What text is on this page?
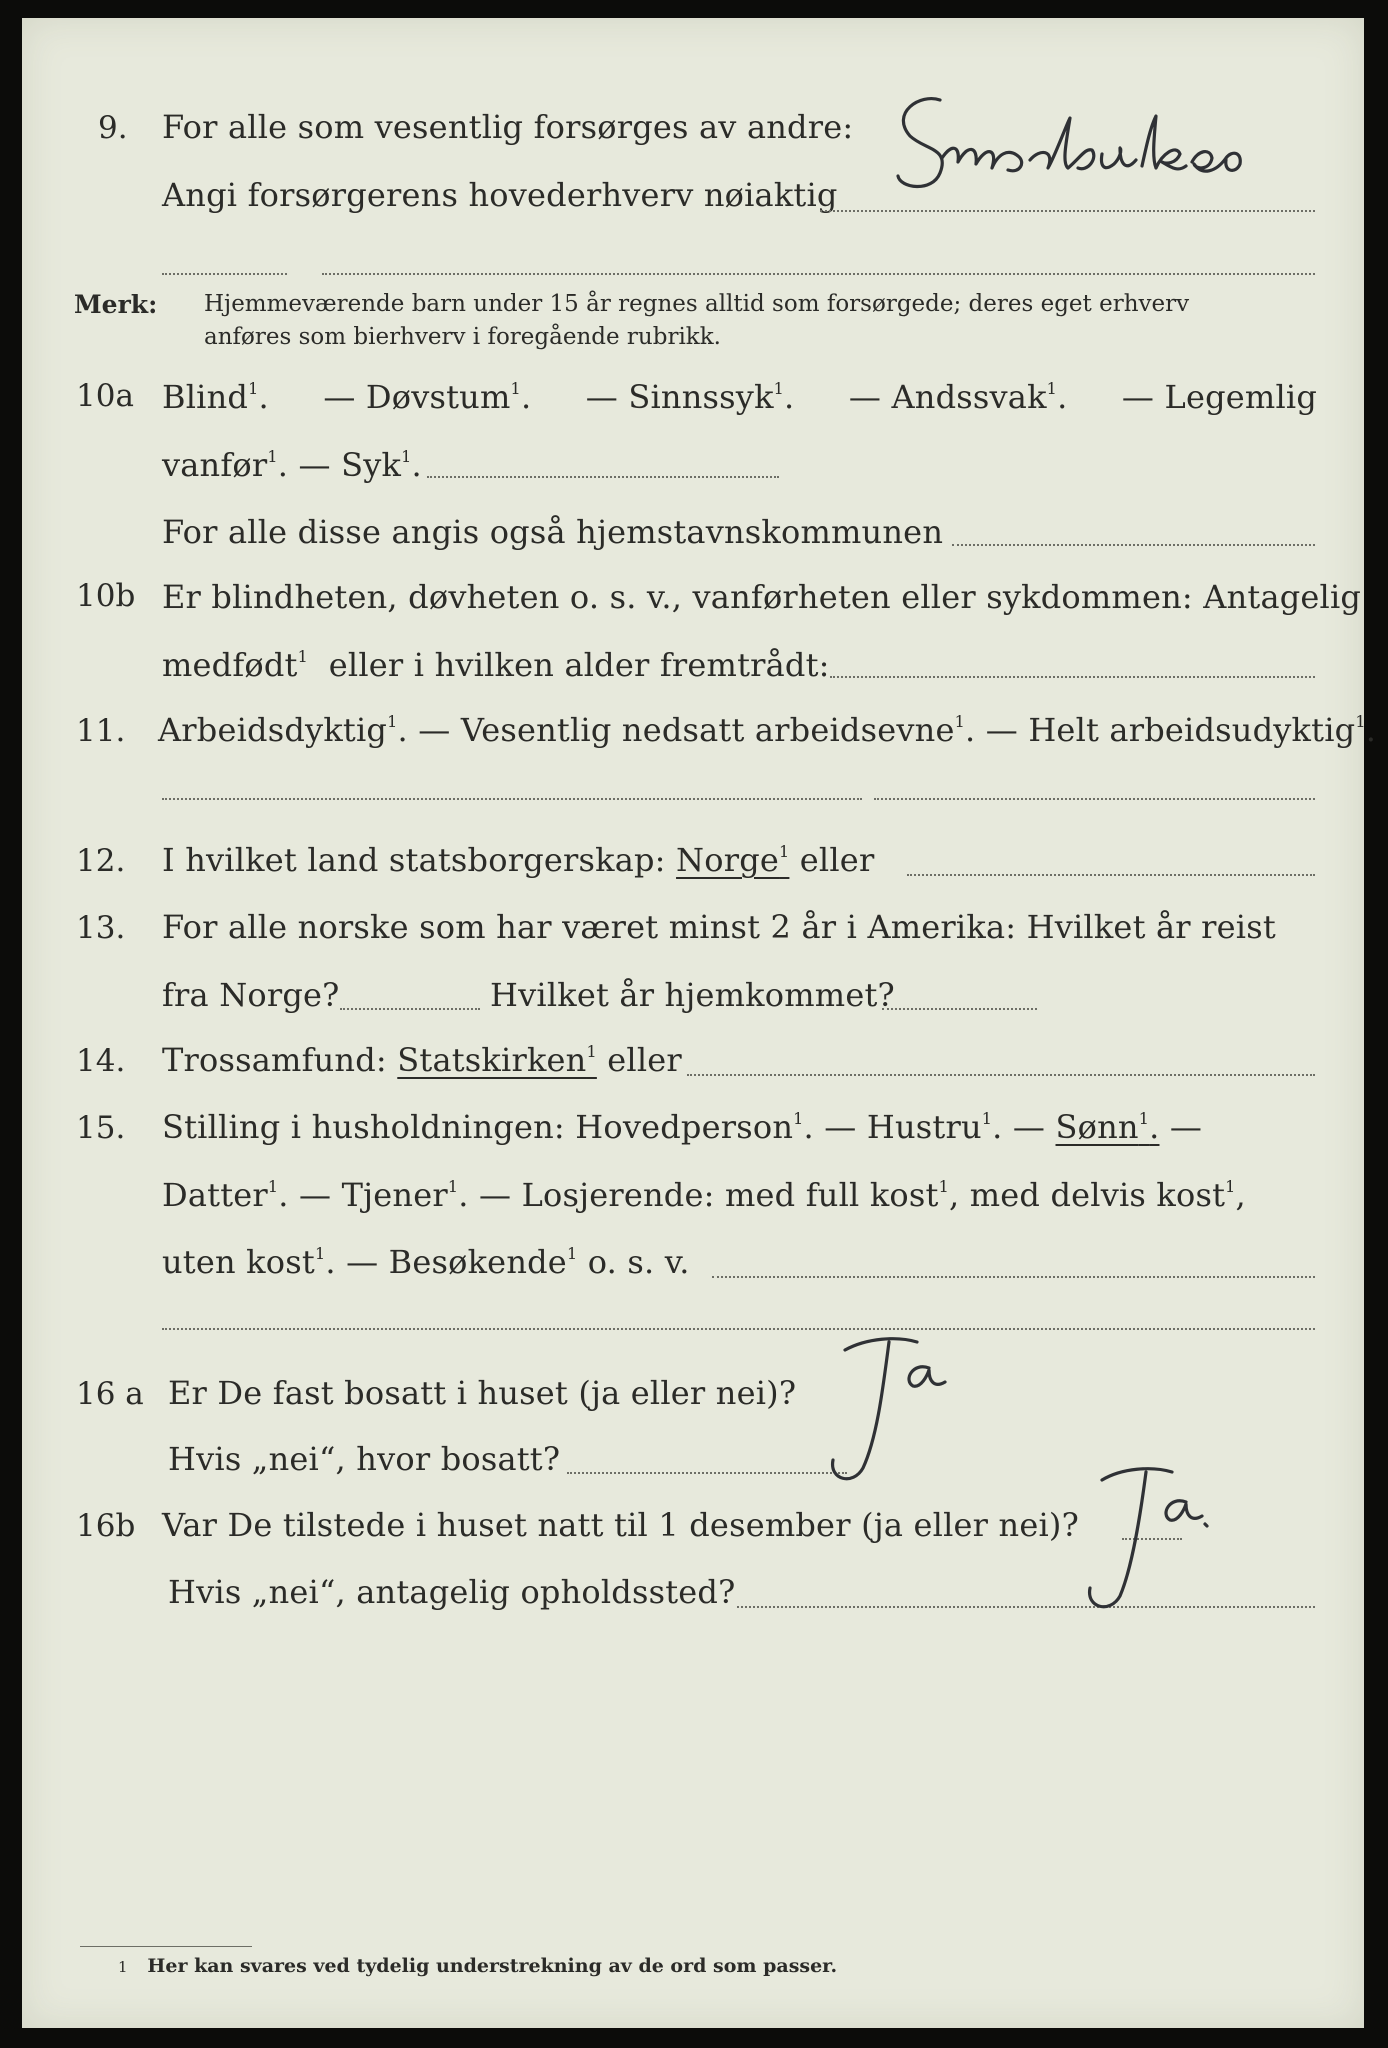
9. For alle som vesentlig forsørges av andre:
Angi forsørgerens hovederhverv nøiaktig
Merk: Hjemmeværende barn under 15 år regnes alltid som forsørgede; deres eget erhverv
anføres som bierhverv i foregående rubrikk.
10a Blind$^1$. — Døvstum$^1$. — Sinnssyk$^1$. — Andssvak$^1$. — Legemlig
vanfør$^1$. — Syk$^1$.
For alle disse angis også hjemstavnskommunen
10b Er blindheten, døvheten o. s. v., vanførheten eller sykdommen: Antagelig
medfødt$^1$ eller i hvilken alder fremtrådt:
11. Arbeidsdyktig$^1$. — Vesentlig nedsatt arbeidsevne$^1$. — Helt arbeidsudyktig$^1$.
12. I hvilket land statsborgerskap: Norge$^1$ eller
13. For alle norske som har været minst 2 år i Amerika: Hvilket år reist
fra Norge?	Hvilket år hjemkommet?
14. Trossamfund: Statskirken$^1$ eller
15. Stilling i husholdningen: Hovedperson$^1$. — Hustru$^1$. — Sønn$^1$. —
Datter$^1$. — Tjener$^1$. — Losjerende: med full kost$^1$, med delvis kost$^1$,
uten kost$^1$. — Besøkende$^1$ o. s. v.
16 a Er De fast bosatt i huset (ja eller nei)?
Hvis „nei“, hvor bosatt?
16b Var De tilstede i huset natt til 1 desember (ja eller nei)?
Hvis „nei“, antagelig opholdssted?
1 Her kan svares ved tydelig understrekning av de ord som passer.
